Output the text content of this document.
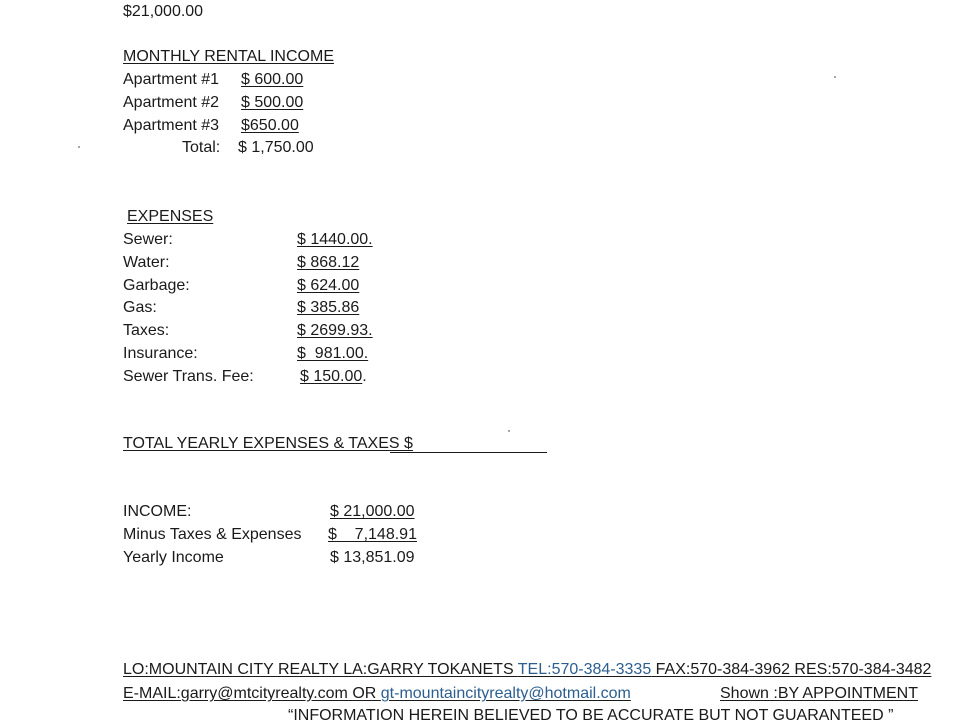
$21,000.00
MONTHLY RENTAL INCOME
Apartment #1 $ 600.00
Apartment #2 $ 500.00
Apartment #3 $650.00
Total: $ 1,750.00
EXPENSES
Sewer:	$ 1440.00.
Water:	$ 868.12
Garbage:	$ 624.00
Gas:	$ 385.86
Taxes:	$ 2699.93.
Insurance:	$  981.00.
Sewer Trans. Fee:	$ 150.00.
TOTAL YEARLY EXPENSES & TAXES $
INCOME:	$ 21,000.00
Minus Taxes & Expenses $    7,148.91
Yearly Income	$ 13,851.09
LO:MOUNTAIN CITY REALTY LA:GARRY TOKANETS TEL:570-384-3335 FAX:570-384-3962 RES:570-384-3482
E-MAIL:garry@mtcityrealty.com OR gt-mountaincityrealty@hotmail.com	Shown :BY APPOINTMENT
“INFORMATION HEREIN BELIEVED TO BE ACCURATE BUT NOT GUARANTEED ”
